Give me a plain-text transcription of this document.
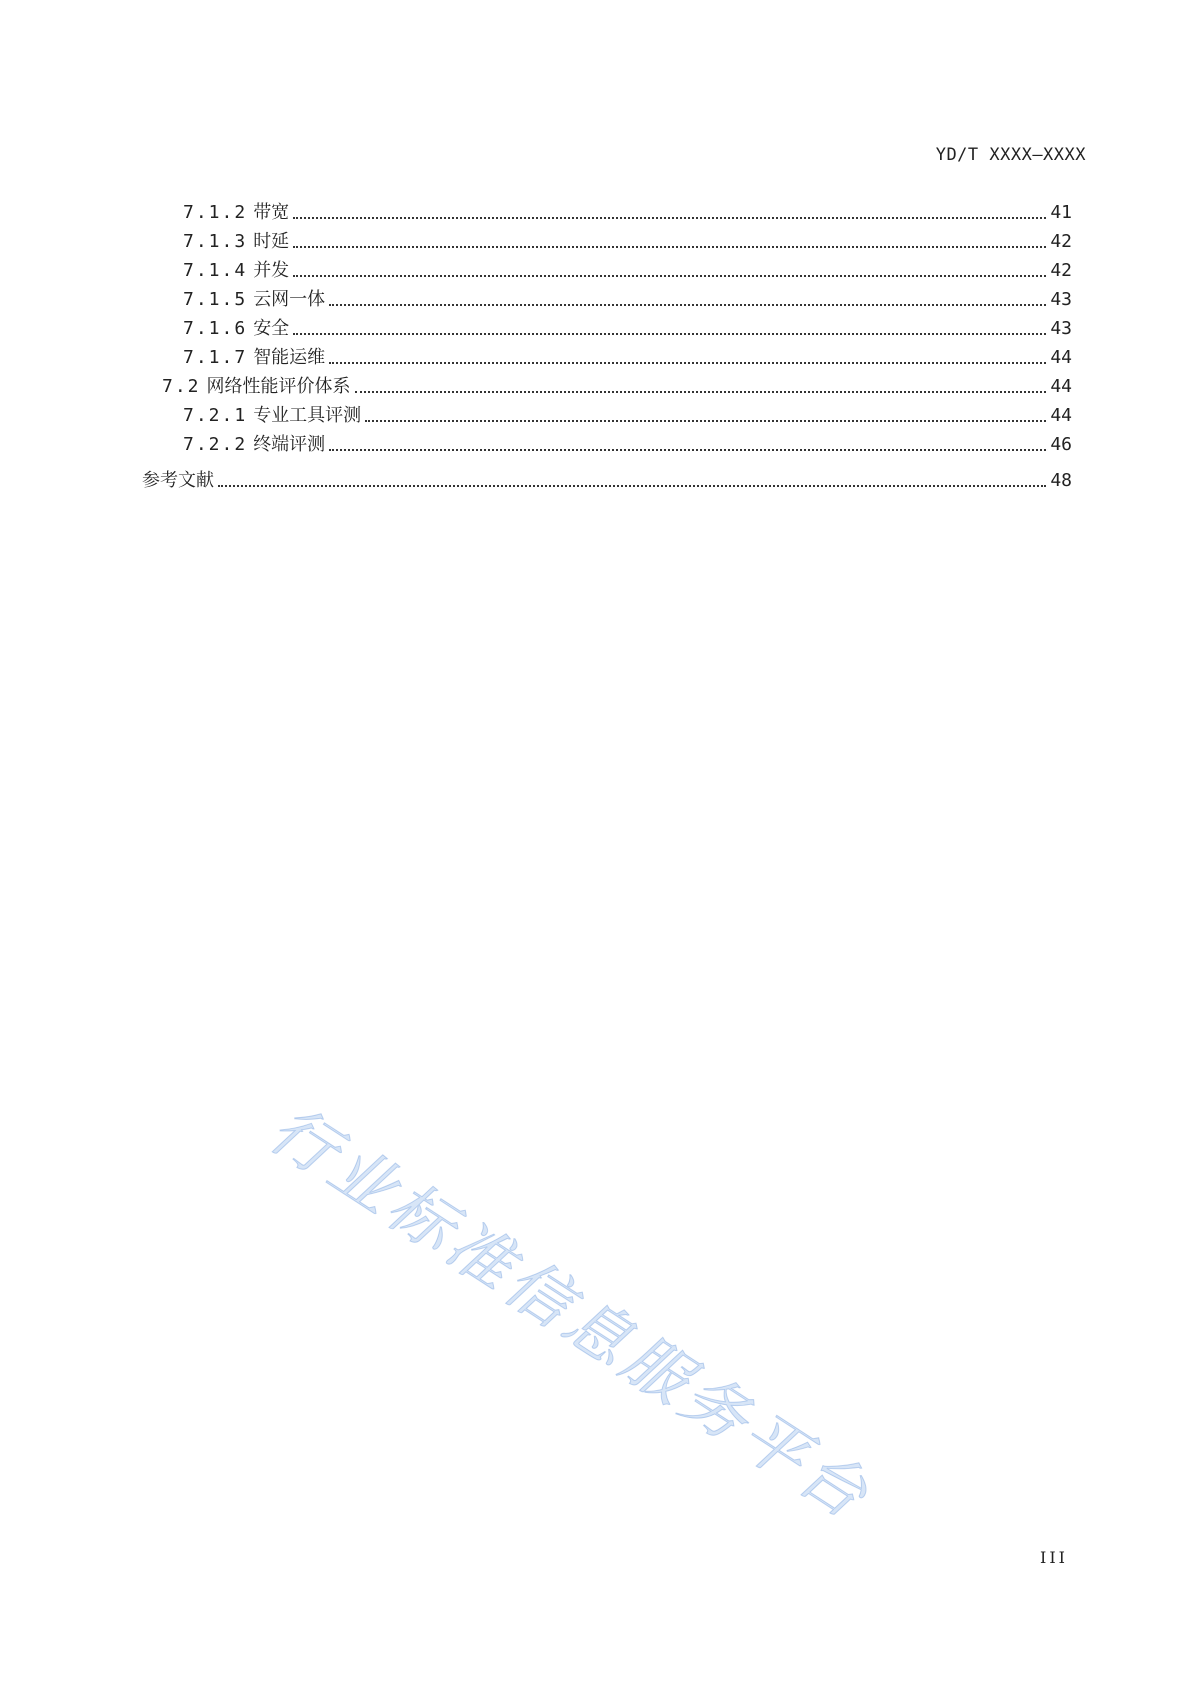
YD/T XXXX—XXXX
7.1.2 带宽	41
7.1.3 时延	42
7.1.4 并发	42
7.1.5 云网一体	43
7.1.6 安全	43
7.1.7 智能运维	44
7.2 网络性能评价体系	44
7.2.1 专业工具评测	44
7.2.2 终端评测	46
参考文献	48
行业标准信息服务平台
III
